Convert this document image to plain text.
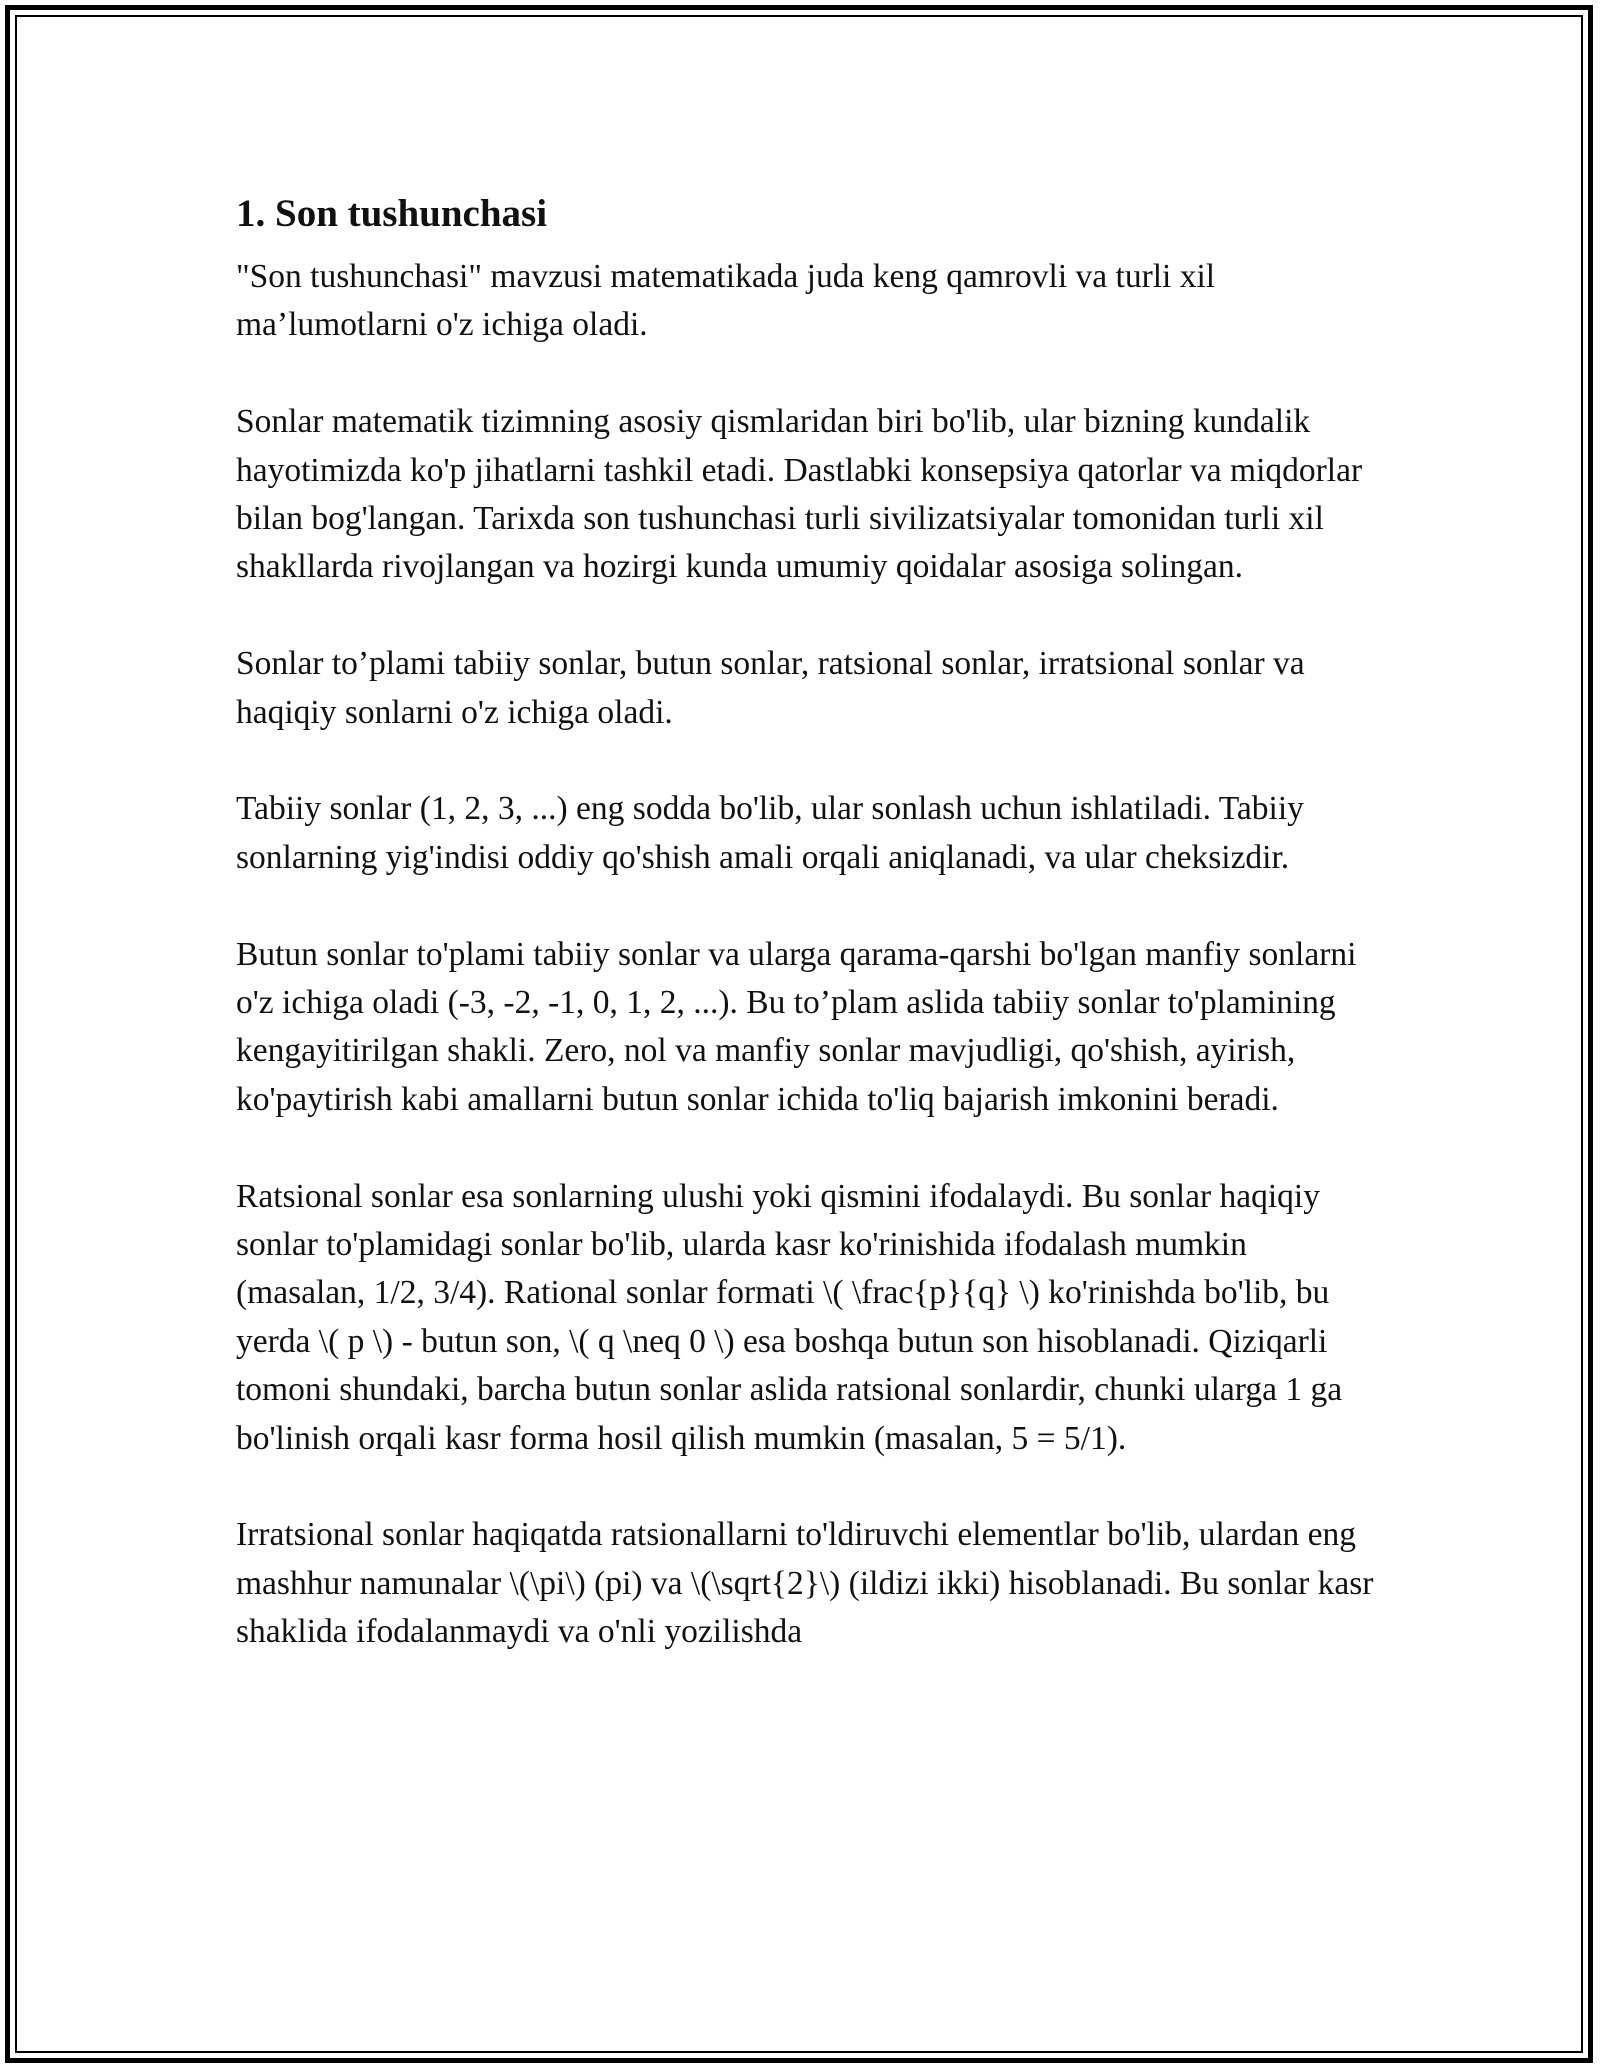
1. Son tushunchasi

"Son tushunchasi" mavzusi matematikada juda keng qamrovli va turli xil ma’lumotlarni o'z ichiga oladi.

Sonlar matematik tizimning asosiy qismlaridan biri bo'lib, ular bizning kundalik hayotimizda ko'p jihatlarni tashkil etadi. Dastlabki konsepsiya qatorlar va miqdorlar bilan bog'langan. Tarixda son tushunchasi turli sivilizatsiyalar tomonidan turli xil shakllarda rivojlangan va hozirgi kunda umumiy qoidalar asosiga solingan.

Sonlar to’plami tabiiy sonlar, butun sonlar, ratsional sonlar, irratsional sonlar va haqiqiy sonlarni o'z ichiga oladi.

Tabiiy sonlar (1, 2, 3, ...) eng sodda bo'lib, ular sonlash uchun ishlatiladi. Tabiiy sonlarning yig'indisi oddiy qo'shish amali orqali aniqlanadi, va ular cheksizdir.

Butun sonlar to'plami tabiiy sonlar va ularga qarama-qarshi bo'lgan manfiy sonlarni o'z ichiga oladi (-3, -2, -1, 0, 1, 2, ...). Bu to’plam aslida tabiiy sonlar to'plamining kengayitirilgan shakli. Zero, nol va manfiy sonlar mavjudligi, qo'shish, ayirish, ko'paytirish kabi amallarni butun sonlar ichida to'liq bajarish imkonini beradi.

Ratsional sonlar esa sonlarning ulushi yoki qismini ifodalaydi. Bu sonlar haqiqiy sonlar to'plamidagi sonlar bo'lib, ularda kasr ko'rinishida ifodalash mumkin (masalan, 1/2, 3/4). Rational sonlar formati \( \frac{p}{q} \) ko'rinishda bo'lib, bu yerda \( p \) - butun son, \( q \neq 0 \) esa boshqa butun son hisoblanadi. Qiziqarli tomoni shundaki, barcha butun sonlar aslida ratsional sonlardir, chunki ularga 1 ga bo'linish orqali kasr forma hosil qilish mumkin (masalan, 5 = 5/1).

Irratsional sonlar haqiqatda ratsionallarni to'ldiruvchi elementlar bo'lib, ulardan eng mashhur namunalar \(\pi\) (pi) va \(\sqrt{2}\) (ildizi ikki) hisoblanadi. Bu sonlar kasr shaklida ifodalanmaydi va o'nli yozilishda
